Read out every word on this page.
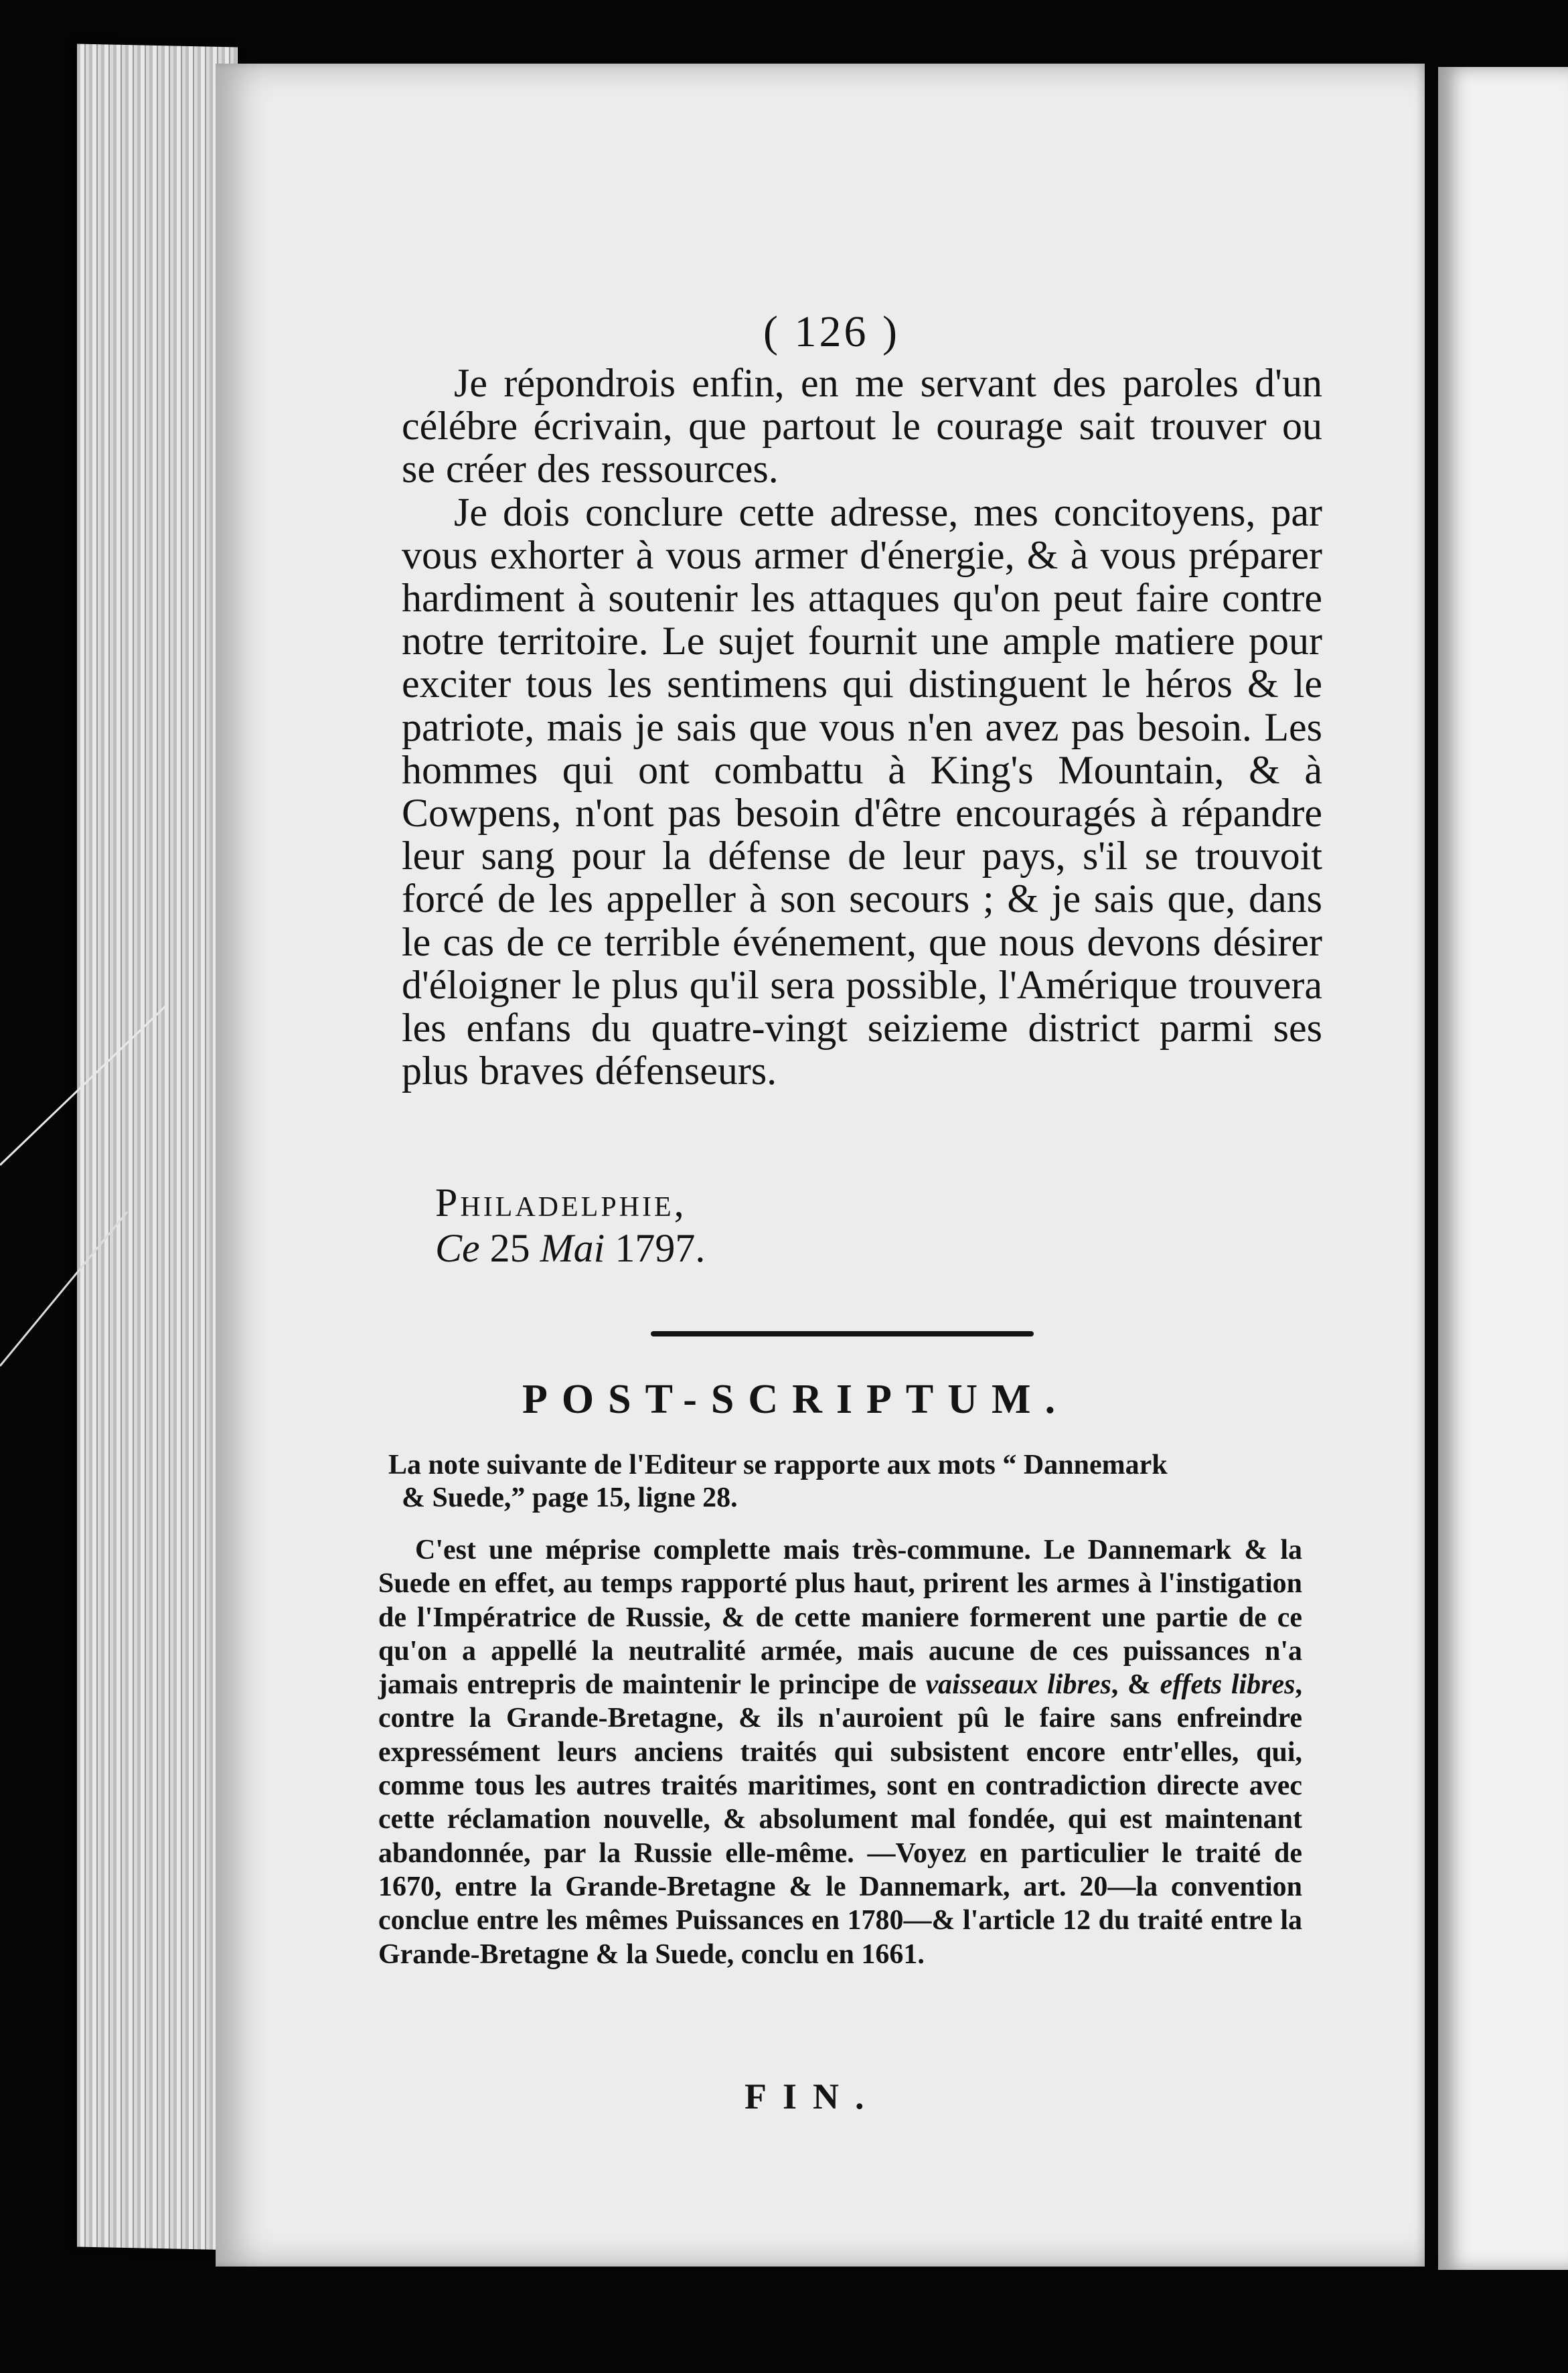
( 126 )

Je répondrois enfin, en me servant des paroles d'un célébre écrivain, que partout le courage sait trouver ou se créer des ressources.

Je dois conclure cette adresse, mes concitoyens, par vous exhorter à vous armer d'énergie, & à vous préparer hardiment à soutenir les attaques qu'on peut faire contre notre territoire. Le sujet fournit une ample matiere pour exciter tous les sentimens qui distinguent le héros & le patriote, mais je sais que vous n'en avez pas besoin. Les hommes qui ont combattu à King's Mountain, & à Cowpens, n'ont pas besoin d'être encouragés à répandre leur sang pour la défense de leur pays, s'il se trouvoit forcé de les appeller à son secours ; & je sais que, dans le cas de ce terrible événement, que nous devons désirer d'éloigner le plus qu'il sera possible, l'Amérique trouvera les enfans du quatre-vingt seizieme district parmi ses plus braves défenseurs.

Philadelphie,
Ce 25 Mai 1797.
POST-SCRIPTUM.

La note suivante de l'Editeur se rapporte aux mots “ Dannemark

& Suede,” page 15, ligne 28.

C'est une méprise complette mais très-commune. Le Dannemark & la Suede en effet, au temps rapporté plus haut, prirent les armes à l'instigation de l'Impératrice de Russie, & de cette maniere formerent une partie de ce qu'on a appellé la neutralité armée, mais aucune de ces puissances n'a jamais entrepris de maintenir le principe de vaisseaux libres, & effets libres, contre la Grande-Bretagne, & ils n'auroient pû le faire sans enfreindre expressément leurs anciens traités qui subsistent encore entr'elles, qui, comme tous les autres traités maritimes, sont en contradiction directe avec cette réclamation nouvelle, & absolument mal fondée, qui est maintenant abandonnée, par la Russie elle-même. —Voyez en particulier le traité de 1670, entre la Grande-Bretagne & le Dannemark, art. 20—la convention conclue entre les mêmes Puissances en 1780—& l'article 12 du traité entre la Grande-Bretagne & la Suede, conclu en 1661.

FIN.
